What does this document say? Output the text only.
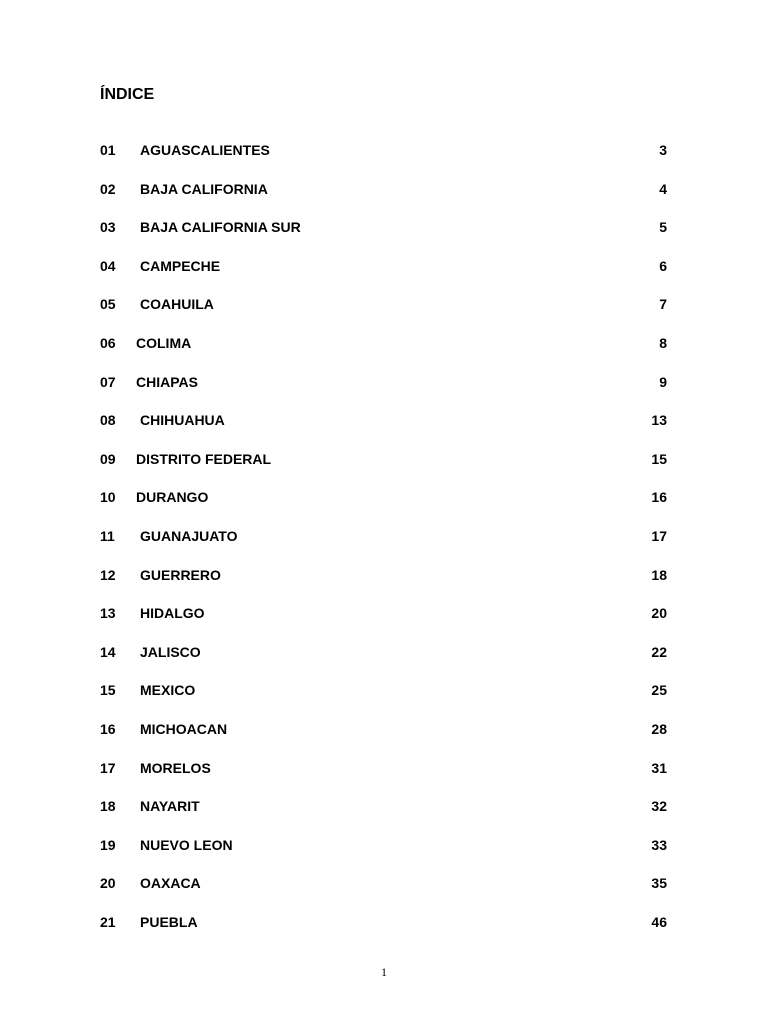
ÍNDICE
01 AGUASCALIENTES	3
02 BAJA CALIFORNIA	4
03 BAJA CALIFORNIA SUR	5
04 CAMPECHE	6
05 COAHUILA	7
06 COLIMA	8
07 CHIAPAS	9
08 CHIHUAHUA	13
09 DISTRITO FEDERAL	15
10 DURANGO	16
11 GUANAJUATO	17
12 GUERRERO	18
13 HIDALGO	20
14 JALISCO	22
15 MEXICO	25
16 MICHOACAN	28
17 MORELOS	31
18 NAYARIT	32
19 NUEVO LEON	33
20 OAXACA	35
21 PUEBLA	46
1
